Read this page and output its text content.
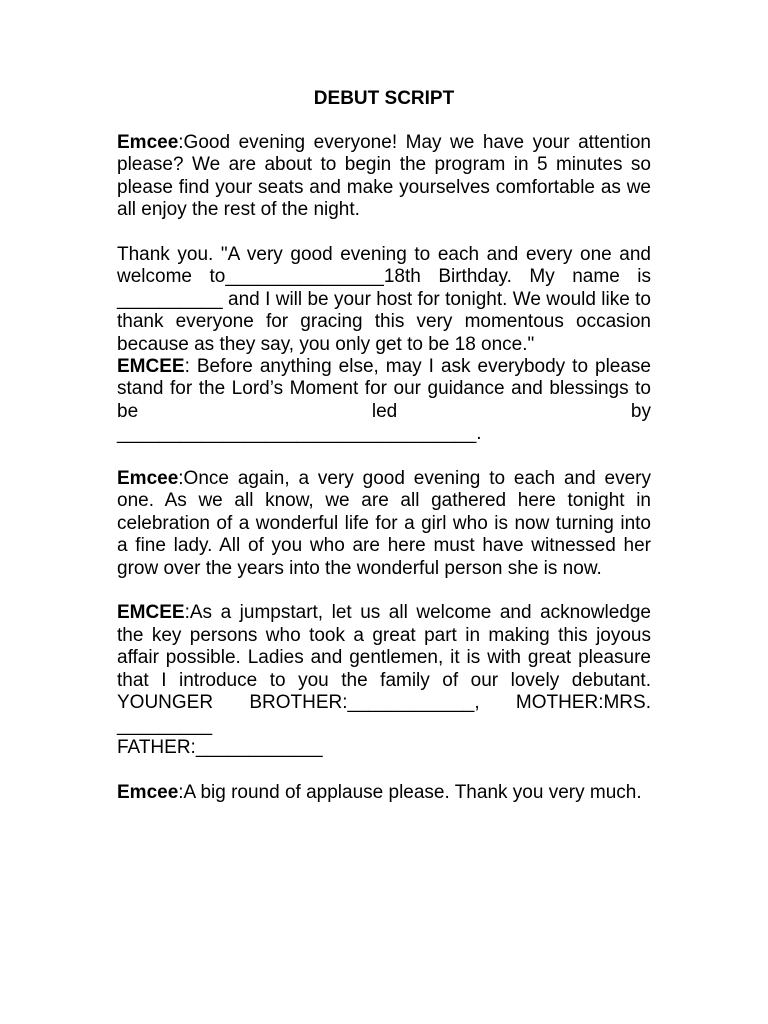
DEBUT SCRIPT

Emcee:Good evening everyone! May we have your attention please? We are about to begin the program in 5 minutes so please find your seats and make yourselves comfortable as we all enjoy the rest of the night.

Thank you. "A very good evening to each and every one and welcome to_______________18th Birthday. My name is __________ and I will be your host for tonight. We would like to thank everyone for gracing this very momentous occasion because as they say, you only get to be 18 once."

EMCEE: Before anything else, may I ask everybody to please stand for the Lord’s Moment for our guidance and blessings to be led by

__________________________________.

Emcee:Once again, a very good evening to each and every one. As we all know, we are all gathered here tonight in celebration of a wonderful life for a girl who is now turning into a fine lady. All of you who are here must have witnessed her grow over the years into the wonderful person she is now.

EMCEE:As a jumpstart, let us all welcome and acknowledge the key persons who took a great part in making this joyous affair possible. Ladies and gentlemen, it is with great pleasure that I introduce to you the family of our lovely debutant. YOUNGER BROTHER:____________, MOTHER:MRS. _________

FATHER:____________

Emcee:A big round of applause please. Thank you very much.
